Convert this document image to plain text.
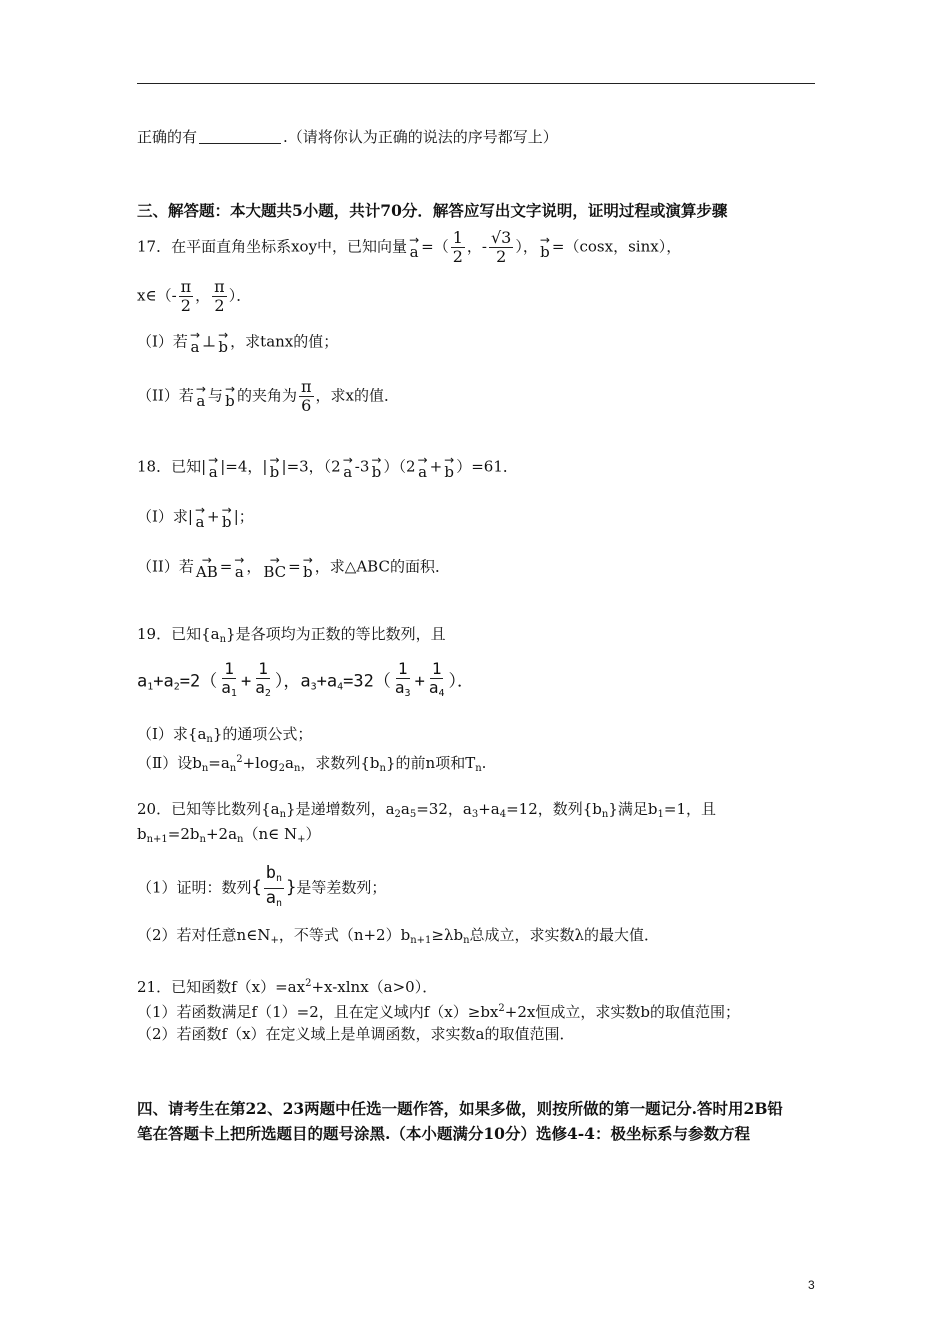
正确的有	.（请将你认为正确的说法的序号都写上）
三、解答题：本大题共5小题，共计70分．解答应写出文字说明，证明过程或演算步骤
17．在平面直角坐标系xoy中，已知向量 →
a =（ $\frac{1}{2}$ ，- $\frac{√3}{2}$ ）， →
b =（cosx，sinx），
x∈（- $\frac{\pi}{2}$ ， $\frac{\pi}{2}$ ）．
（I）若 →
a ⊥ →
b ，求tanx的值；
（II）若 →
a 与 →
b 的夹角为 $\frac{\pi}{6}$ ，求x的值．
18．已知| →
a |=4，| →
b |=3，（2 →
a -3 →
b ）（2 →
a + →
b ）=61．
（I）求| →
a + →
b |；
（II）若 →
AB = →
a ， →
BC = →
b ，求△ABC的面积．
19．已知$\{a_n\}$是各项均为正数的等比数列，且
$a_1+a_2=2( \frac{1}{a_1} + \frac{1}{a_2}$ ），$a_3+a_4=32( \frac{1}{a_3} + \frac{1}{a_4}$ ）．
（Ⅰ）求$\{a_n\}$的通项公式；
（Ⅱ）设$b_n=a_n^2+\log_2a_n$，求数列$\{b_n\}$的前n项和$T_n$.
20．已知等比数列$\{a_n\}$是递增数列，$a_2a_5=32$，$a_3+a_4=12$，数列$\{b_n\}$满足$b_1=1$，且
$b_{n+1}=2b_n+2a_n(n\in$ $N_+$）
（1）证明：数列{ $\frac{b_n}{a_n}$ }是等差数列；
（2）若对任意$n\in N_+$，不等式$(n+2)b_{n+1}\ge\lambda b_n$总成立，求实数λ的最大值．
21．已知函数$f(x)=ax^2+x-xlnx(a>0)$．
（1）若函数满足f（1）=2，且在定义域内$f(x)\ge bx^2+2x$恒成立，求实数b的取值范围；
（2）若函数f（x）在定义域上是单调函数，求实数a的取值范围．
四、请考生在第22、23两题中任选一题作答，如果多做，则按所做的第一题记分.答时用2B铅
笔在答题卡上把所选题目的题号涂黑.（本小题满分10分）选修4-4：极坐标系与参数方程
3
